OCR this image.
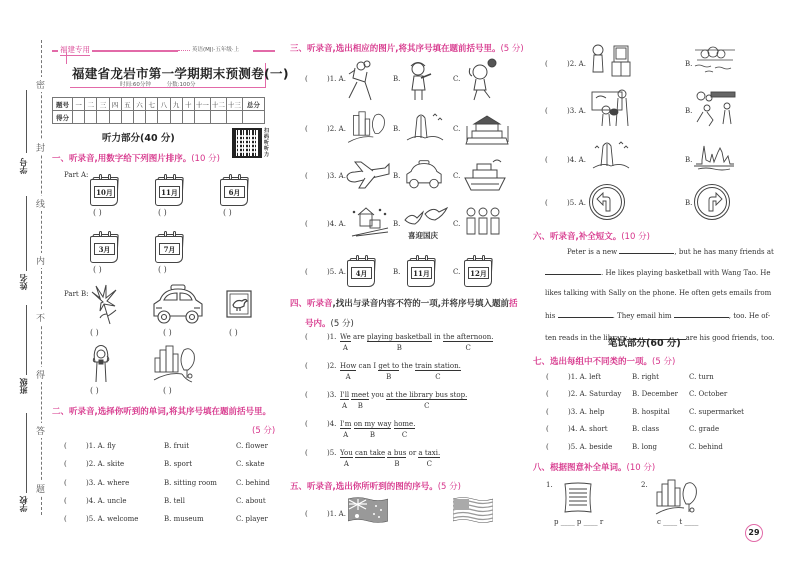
密
封
线
内
不
得
答
题
学号
姓名
班级
学校
福建专用	英语(MJ)·五年级·上
福建省龙岩市第一学期期末预测卷(一)
时间:60分钟	分数:100分
题号	一	二	三	四	五	六	七	八	九	十	十一	十二	十三	总分
得分														
听力部分(40 分)
扫码听听力
一、听录音,用数字给下列图片排序。(10 分)
Part A:
10月	11月	6月
( )	( )	( )
3月	7月
( )	( )
Part B:
( )	( )	( )
( )	( )
二、听录音,选择你听到的单词,将其序号填在题前括号里。
(5 分)
(	)1. A. fly	B. fruit	C. flower
(	)2. A. skite	B. sport	C. skate
(	)3. A. where	B. sitting room	C. behind
(	)4. A. uncle	B. tell	C. about
(	)5. A. welcome	B. museum	C. player
三、听录音,选出相应的图片,将其序号填在题前括号里。(5 分)
(	)1. A.	B.	C.
(	)2. A.	B.	C.
(	)3. A.	B.	C.
(	)4. A.	B.	C.
喜迎国庆
(	)5. A.	B.	C.
4月	11月	12月
四、听录音,找出与录音内容不符的一项,并将序号填入题前括
号内。(5 分)
(	)1. $\frac{We}{A}$ are playing basketball
B
in the afternoon.
C
(	)2. How
A
can I get to
B
the train station.
C
(	)3. $\frac{I'll}{A}$ meet
B
you at the library bus stop.
C
(	)4. $\frac{I'm}{A}$ on my way
B
home.
C
(	)5. You
A
can take a bus
B
or a taxi.
C
五、听录音,选出你所听到的图的序号。(5 分)
(	)1. A.
(	)2. A.	B.
(	)3. A.	B.
(	)4. A.	B.
(	)5. A.	B.
六、听录音,补全短文。(10 分)
Peter is a new	, but he has many friends at
. He likes playing basketball with Wang Tao. He
likes talking with Sally on the phone. He often gets emails from
his	. They email him	, too. He of-
ten reads in the library.	are his good friends, too.
笔试部分(60 分)
七、选出每组中不同类的一项。(5 分)
(	)1. A. left	B. right	C. turn
(	)2. A. Saturday B. December C. October
(	)3. A. help	B. hospital	C. supermarket
(	)4. A. short	B. class	C. grade
(	)5. A. beside	B. long	C. behind
八、根据图意补全单词。(10 分)
1.
p ____ p ____ r
2.
c ____ t ____
29
